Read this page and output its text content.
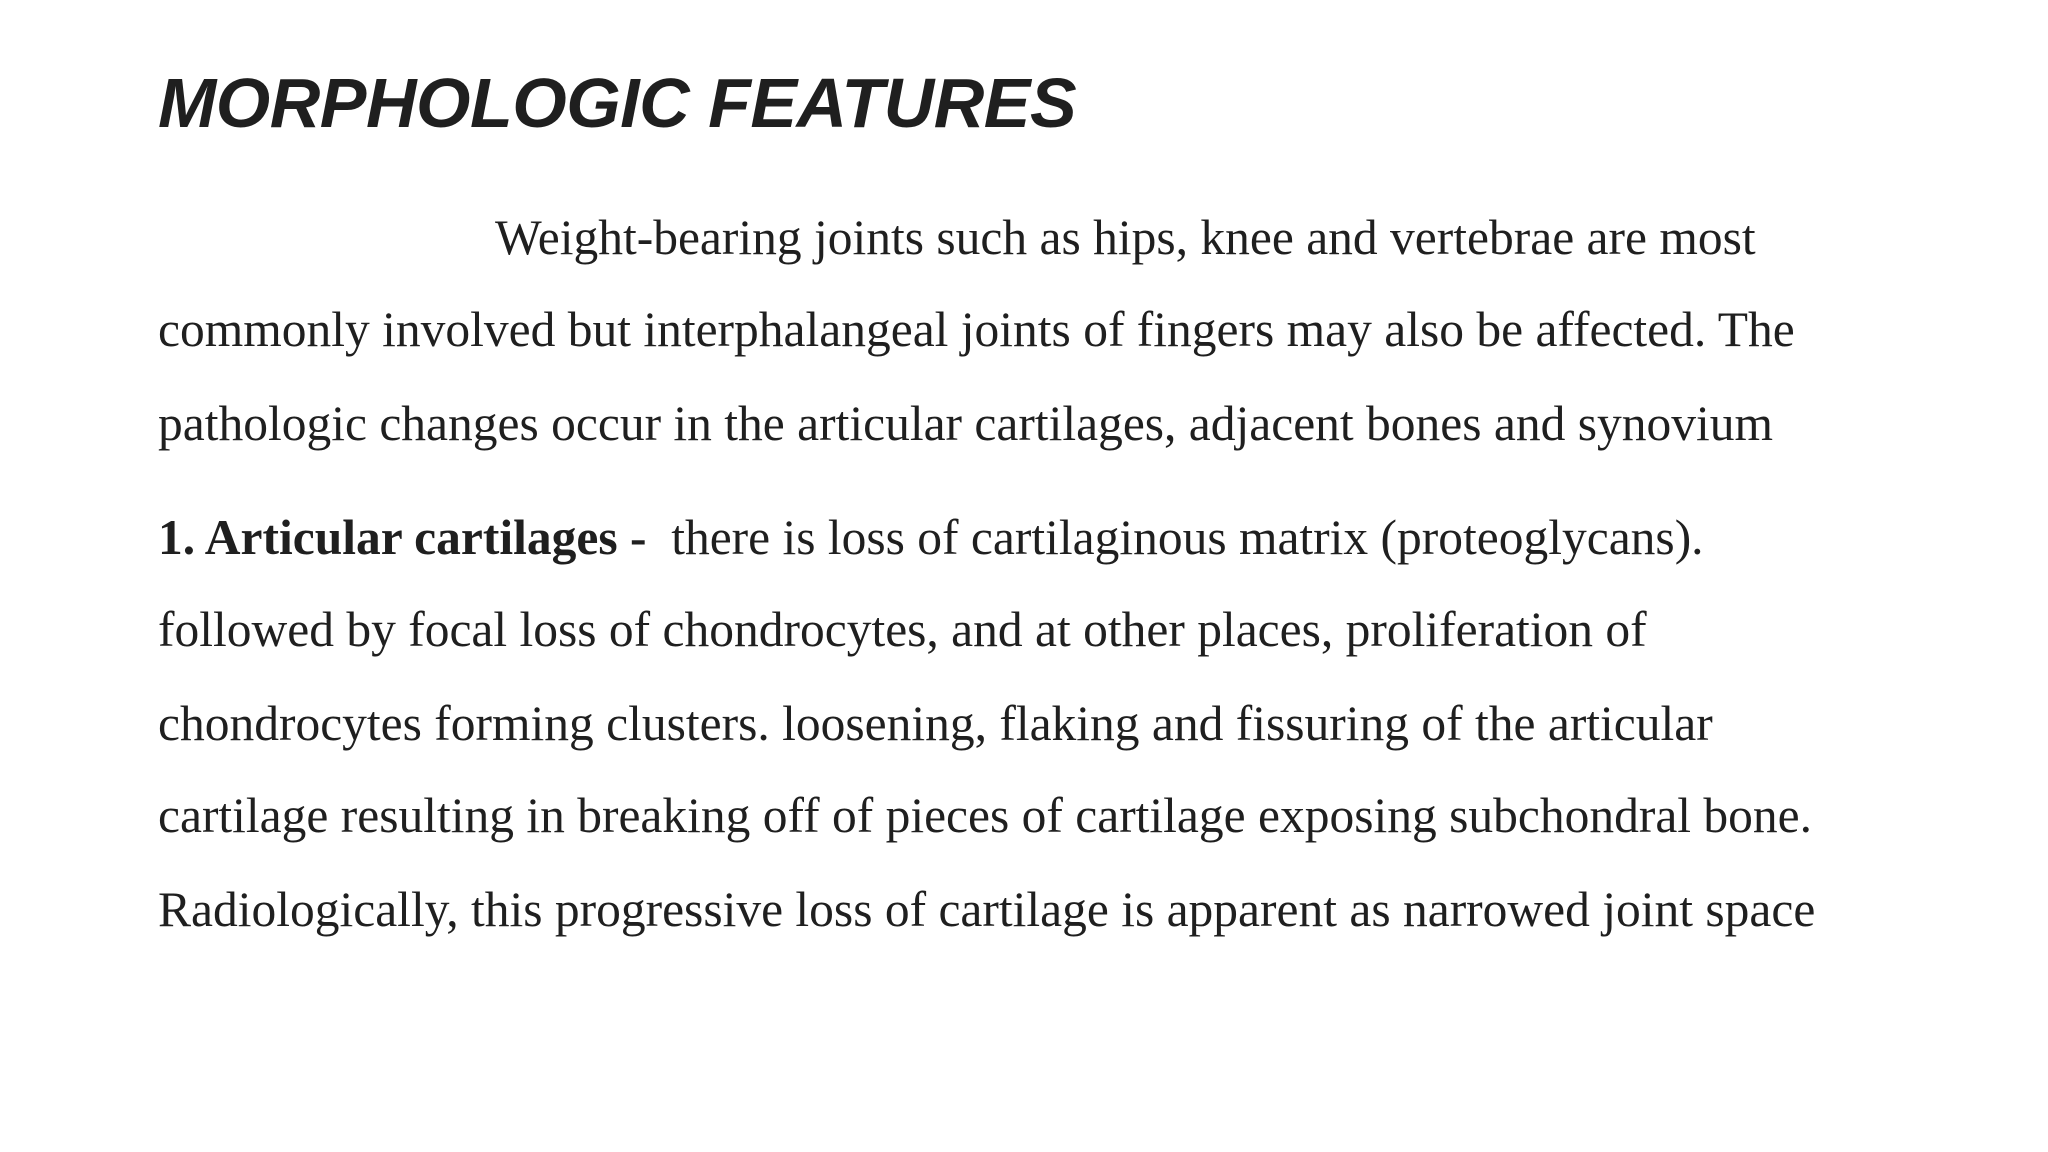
MORPHOLOGIC FEATURES
Weight-bearing joints such as hips, knee and vertebrae are most
commonly involved but interphalangeal joints of fingers may also be affected. The
pathologic changes occur in the articular cartilages, adjacent bones and synovium
1. Articular cartilages - there is loss of cartilaginous matrix (proteoglycans).
followed by focal loss of chondrocytes, and at other places, proliferation of
chondrocytes forming clusters. loosening, flaking and fissuring of the articular
cartilage resulting in breaking off of pieces of cartilage exposing subchondral bone.
Radiologically, this progressive loss of cartilage is apparent as narrowed joint space
